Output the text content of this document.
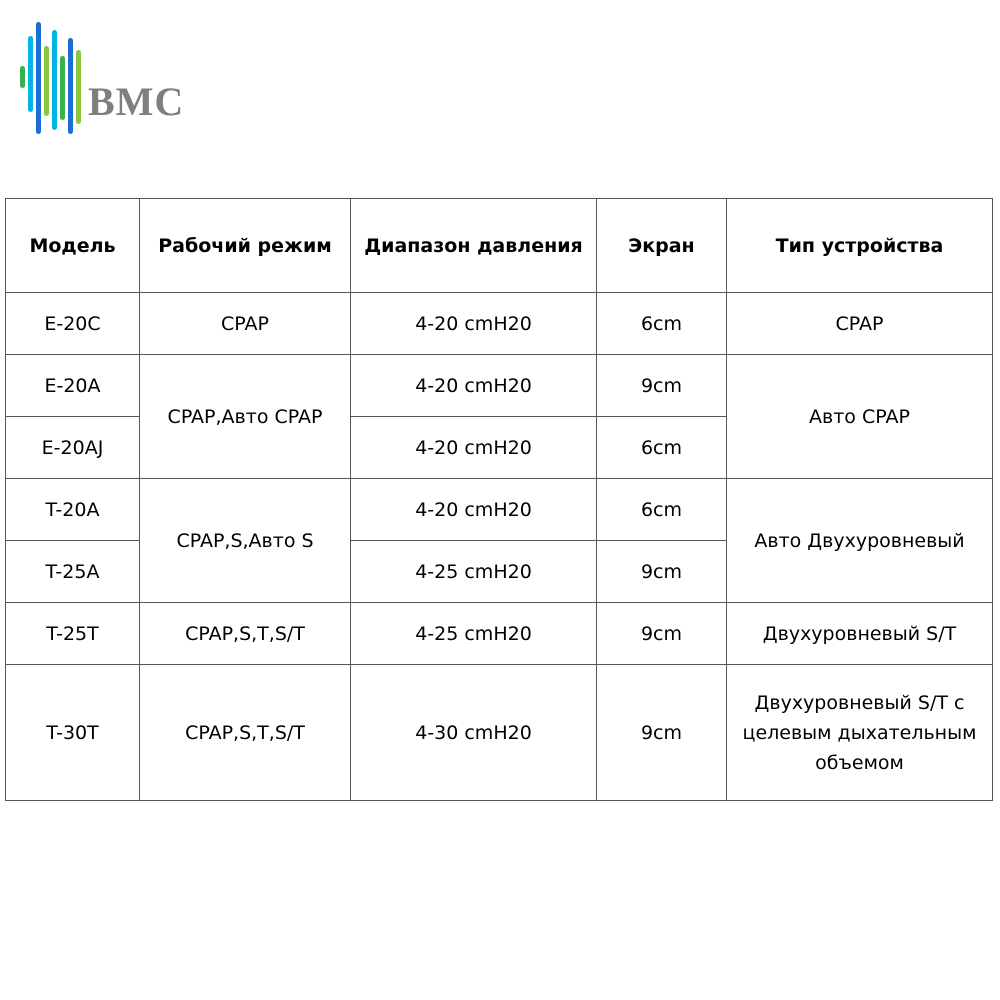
BMC
Модель	Рабочий режим	Диапазон давления	Экран	Тип устройства
E-20C	CPAP	4-20 cmH20	6cm	CPAP
E-20A	CPAP,Авто CPAP	4-20 cmH20	9cm	Авто CPAP
E-20AJ		4-20 cmH20	6cm	
T-20A	CPAP,S,Авто S	4-20 cmH20	6cm	Авто Двухуровневый
T-25A		4-25 cmH20	9cm	
T-25T	CPAP,S,T,S/T	4-25 cmH20	9cm	Двухуровневый S/T
T-30T	CPAP,S,T,S/T	4-30 cmH20	9cm	Двухуровневый S/T с целевым дыхательным объемом
